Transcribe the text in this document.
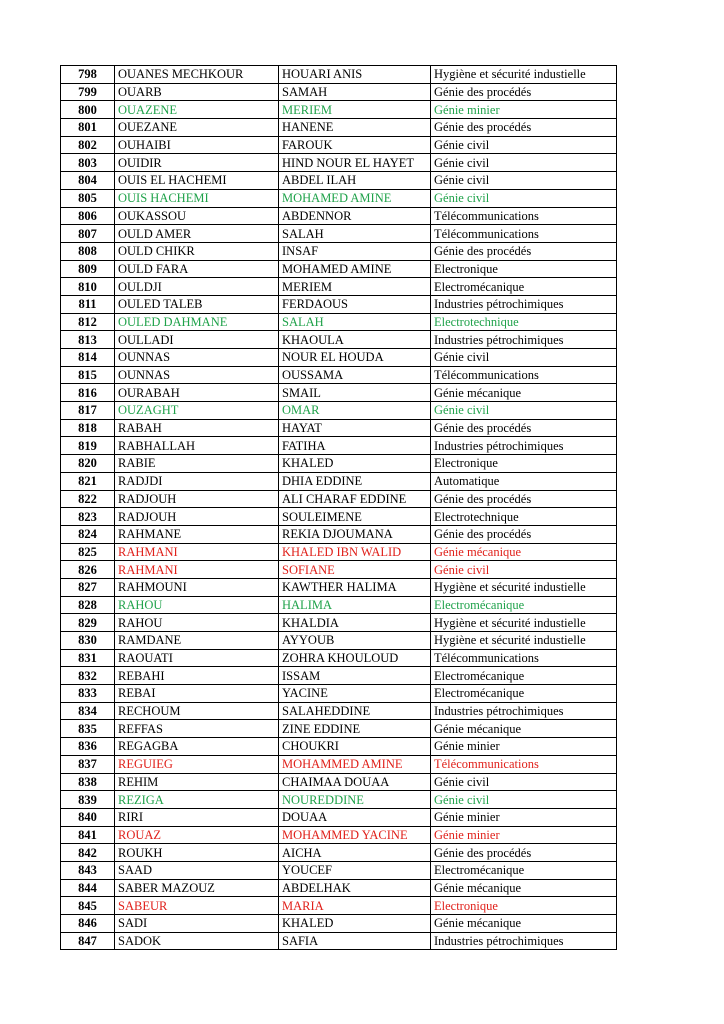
798	OUANES MECHKOUR	HOUARI ANIS	Hygiène et sécurité industielle
799	OUARB	SAMAH	Génie des procédés
800	OUAZENE	MERIEM	Génie minier
801	OUEZANE	HANENE	Génie des procédés
802	OUHAIBI	FAROUK	Génie civil
803	OUIDIR	HIND NOUR EL HAYET	Génie civil
804	OUIS EL HACHEMI	ABDEL ILAH	Génie civil
805	OUIS HACHEMI	MOHAMED AMINE	Génie civil
806	OUKASSOU	ABDENNOR	Télécommunications
807	OULD AMER	SALAH	Télécommunications
808	OULD CHIKR	INSAF	Génie des procédés
809	OULD FARA	MOHAMED AMINE	Electronique
810	OULDJI	MERIEM	Electromécanique
811	OULED TALEB	FERDAOUS	Industries pétrochimiques
812	OULED DAHMANE	SALAH	Electrotechnique
813	OULLADI	KHAOULA	Industries pétrochimiques
814	OUNNAS	NOUR EL HOUDA	Génie civil
815	OUNNAS	OUSSAMA	Télécommunications
816	OURABAH	SMAIL	Génie mécanique
817	OUZAGHT	OMAR	Génie civil
818	RABAH	HAYAT	Génie des procédés
819	RABHALLAH	FATIHA	Industries pétrochimiques
820	RABIE	KHALED	Electronique
821	RADJDI	DHIA EDDINE	Automatique
822	RADJOUH	ALI CHARAF EDDINE	Génie des procédés
823	RADJOUH	SOULEIMENE	Electrotechnique
824	RAHMANE	REKIA DJOUMANA	Génie des procédés
825	RAHMANI	KHALED IBN WALID	Génie mécanique
826	RAHMANI	SOFIANE	Génie civil
827	RAHMOUNI	KAWTHER HALIMA	Hygiène et sécurité industielle
828	RAHOU	HALIMA	Electromécanique
829	RAHOU	KHALDIA	Hygiène et sécurité industielle
830	RAMDANE	AYYOUB	Hygiène et sécurité industielle
831	RAOUATI	ZOHRA KHOULOUD	Télécommunications
832	REBAHI	ISSAM	Electromécanique
833	REBAI	YACINE	Electromécanique
834	RECHOUM	SALAHEDDINE	Industries pétrochimiques
835	REFFAS	ZINE EDDINE	Génie mécanique
836	REGAGBA	CHOUKRI	Génie minier
837	REGUIEG	MOHAMMED AMINE	Télécommunications
838	REHIM	CHAIMAA DOUAA	Génie civil
839	REZIGA	NOUREDDINE	Génie civil
840	RIRI	DOUAA	Génie minier
841	ROUAZ	MOHAMMED YACINE	Génie minier
842	ROUKH	AICHA	Génie des procédés
843	SAAD	YOUCEF	Electromécanique
844	SABER MAZOUZ	ABDELHAK	Génie mécanique
845	SABEUR	MARIA	Electronique
846	SADI	KHALED	Génie mécanique
847	SADOK	SAFIA	Industries pétrochimiques
